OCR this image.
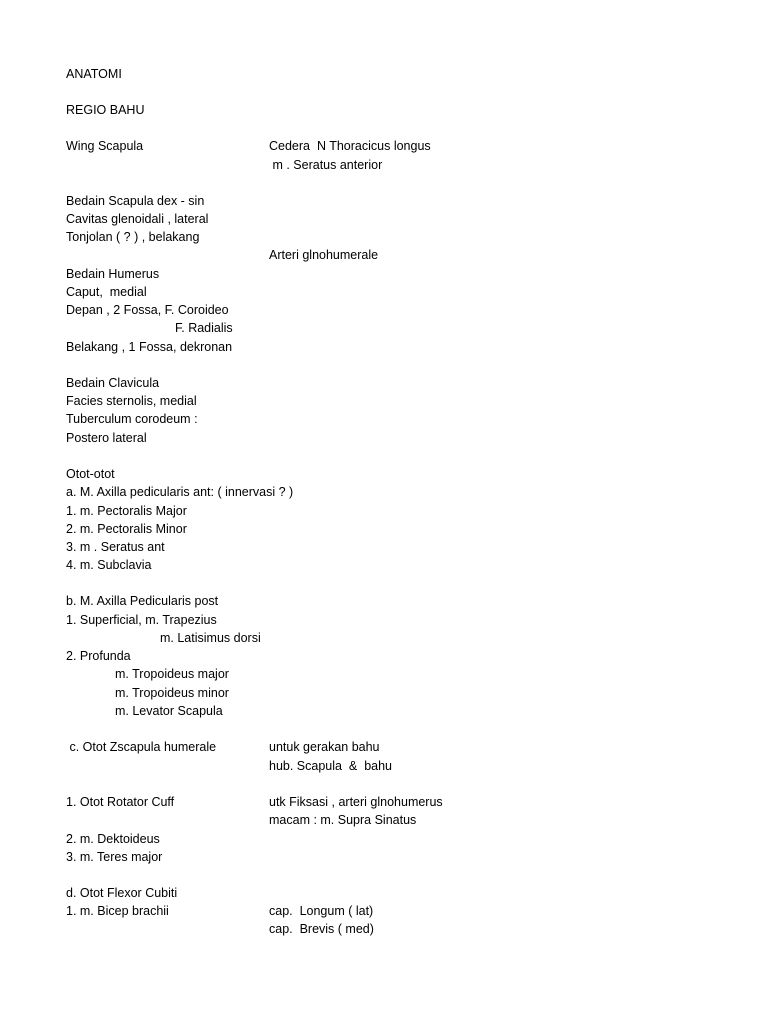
ANATOMI
REGIO BAHU
Wing Scapula	Cedera  N Thoracicus longus
m . Seratus anterior
Bedain Scapula dex - sin
Cavitas glenoidali , lateral
Tonjolan ( ? ) , belakang
Arteri glnohumerale
Bedain Humerus
Caput,  medial
Depan , 2 Fossa, F. Coroideo
F. Radialis
Belakang , 1 Fossa, dekronan
Bedain Clavicula
Facies sternolis, medial
Tuberculum corodeum :
Postero lateral
Otot-otot
a. M. Axilla pedicularis ant: ( innervasi ? )
1. m. Pectoralis Major
2. m. Pectoralis Minor
3. m . Seratus ant
4. m. Subclavia
b. M. Axilla Pedicularis post
1. Superficial, m. Trapezius
m. Latisimus dorsi
2. Profunda
m. Tropoideus major
m. Tropoideus minor
m. Levator Scapula
c. Otot Zscapula humerale	untuk gerakan bahu
hub. Scapula  &  bahu
1. Otot Rotator Cuff	utk Fiksasi , arteri glnohumerus
macam : m. Supra Sinatus
2. m. Dektoideus
3. m. Teres major
d. Otot Flexor Cubiti
1. m. Bicep brachii	cap.  Longum ( lat)
cap.  Brevis ( med)
